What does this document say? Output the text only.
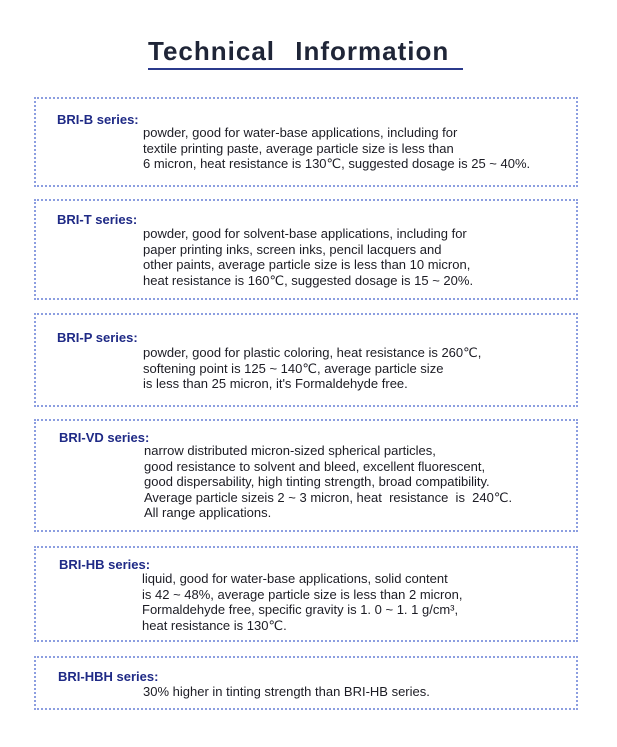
Technical Information
BRI-B series:
powder, good for water-base applications, including for
textile printing paste, average particle size is less than
6 micron, heat resistance is 130℃, suggested dosage is 25 ~ 40%.
BRI-T series:
powder, good for solvent-base applications, including for
paper printing inks, screen inks, pencil lacquers and
other paints, average particle size is less than 10 micron,
heat resistance is 160℃, suggested dosage is 15 ~ 20%.
BRI-P series:
powder, good for plastic coloring, heat resistance is 260℃,
softening point is 125 ~ 140℃, average particle size
is less than 25 micron, it's Formaldehyde free.
BRI-VD series:
narrow distributed micron-sized spherical particles,
good resistance to solvent and bleed, excellent fluorescent,
good dispersability, high tinting strength, broad compatibility.
Average particle sizeis 2 ~ 3 micron, heat  resistance  is  240℃.
All range applications.
BRI-HB series:
liquid, good for water-base applications, solid content
is 42 ~ 48%, average particle size is less than 2 micron,
Formaldehyde free, specific gravity is 1. 0 ~ 1. 1 g/cm³,
heat resistance is 130℃.
BRI-HBH series:
30% higher in tinting strength than BRI-HB series.
